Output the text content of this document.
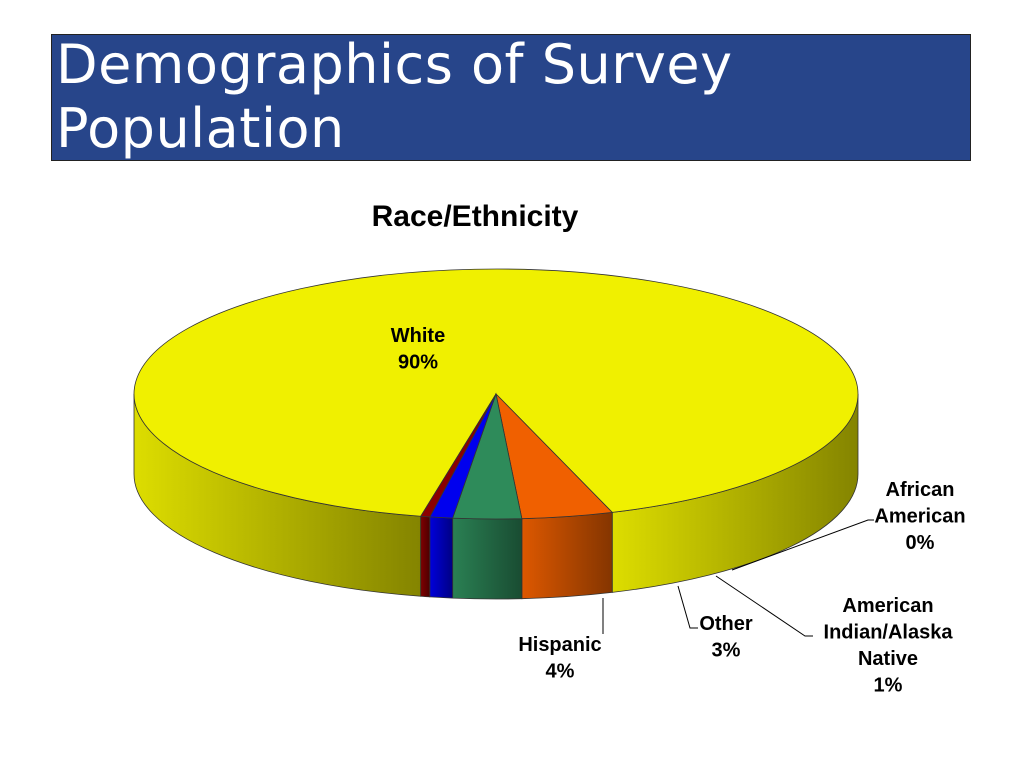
Demographics of Survey Population
Race/Ethnicity
White 90%
Hispanic 4%
Other 3%
American Indian/Alaska Native 1%
African American 0%
